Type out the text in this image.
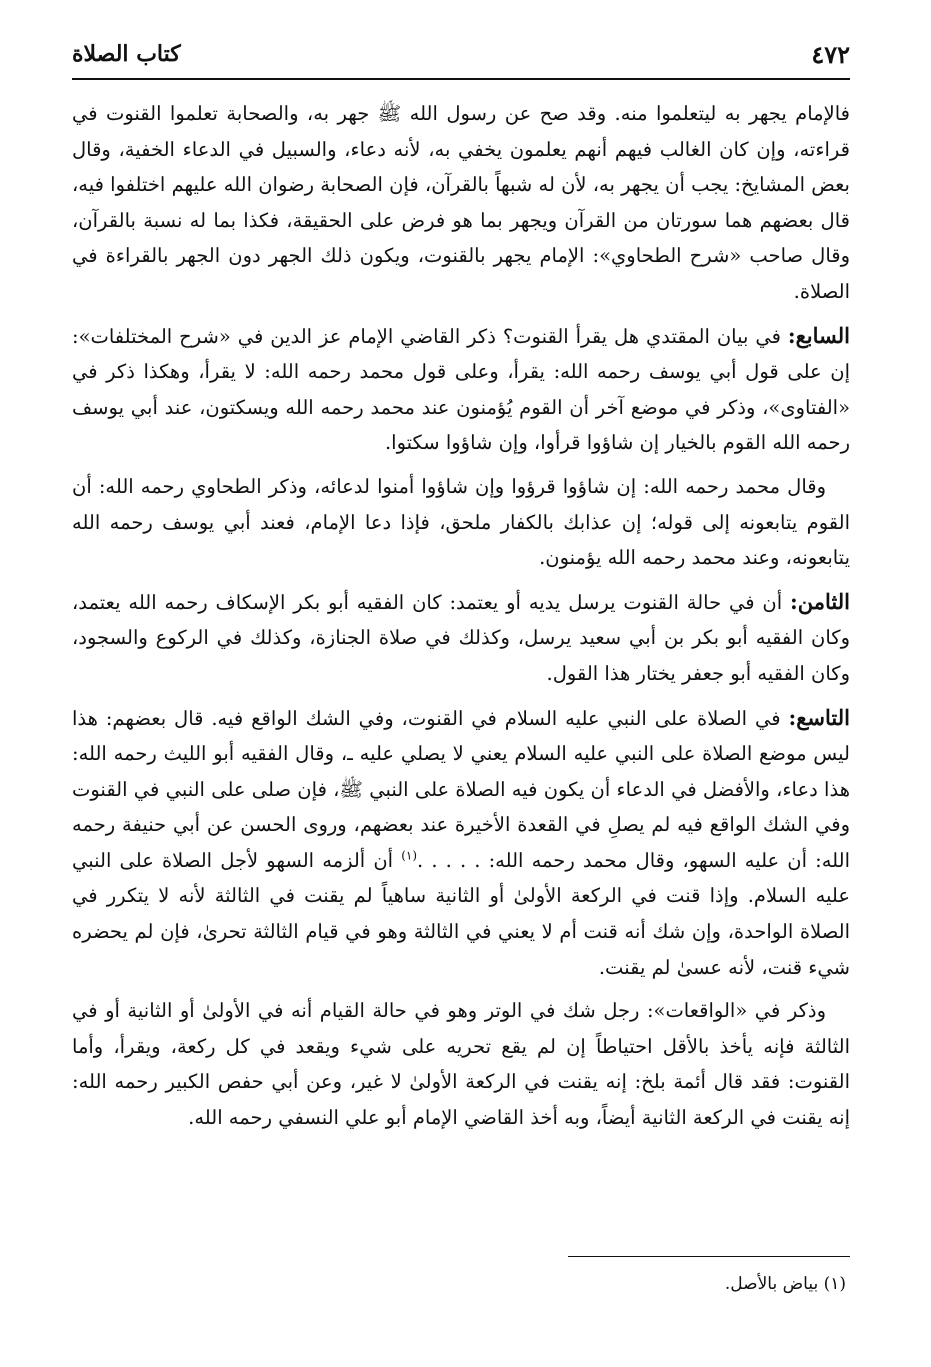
٤٧٢
كتاب الصلاة

فالإمام يجهر به ليتعلموا منه. وقد صح عن رسول الله ﷺ جهر به، والصحابة تعلموا القنوت في قراءته، وإن كان الغالب فيهم أنهم يعلمون يخفي به، لأنه دعاء، والسبيل في الدعاء الخفية، وقال بعض المشايخ: يجب أن يجهر به، لأن له شبهاً بالقرآن، فإن الصحابة رضوان الله عليهم اختلفوا فيه، قال بعضهم هما سورتان من القرآن ويجهر بما هو فرض على الحقيقة، فكذا بما له نسبة بالقرآن، وقال صاحب «شرح الطحاوي»: الإمام يجهر بالقنوت، ويكون ذلك الجهر دون الجهر بالقراءة في الصلاة.

السابع: في بيان المقتدي هل يقرأ القنوت؟ ذكر القاضي الإمام عز الدين في «شرح المختلفات»: إن على قول أبي يوسف رحمه الله: يقرأ، وعلى قول محمد رحمه الله: لا يقرأ، وهكذا ذكر في «الفتاوى»، وذكر في موضع آخر أن القوم يُؤمنون عند محمد رحمه الله ويسكتون، عند أبي يوسف رحمه الله القوم بالخيار إن شاؤوا قرأوا، وإن شاؤوا سكتوا.

وقال محمد رحمه الله: إن شاؤوا قرؤوا وإن شاؤوا أمنوا لدعائه، وذكر الطحاوي رحمه الله: أن القوم يتابعونه إلى قوله؛ إن عذابك بالكفار ملحق، فإذا دعا الإمام، فعند أبي يوسف رحمه الله يتابعونه، وعند محمد رحمه الله يؤمنون.

الثامن: أن في حالة القنوت يرسل يديه أو يعتمد: كان الفقيه أبو بكر الإسكاف رحمه الله يعتمد، وكان الفقيه أبو بكر بن أبي سعيد يرسل، وكذلك في صلاة الجنازة، وكذلك في الركوع والسجود، وكان الفقيه أبو جعفر يختار هذا القول.

التاسع: في الصلاة على النبي عليه السلام في القنوت، وفي الشك الواقع فيه. قال بعضهم: هذا ليس موضع الصلاة على النبي عليه السلام يعني لا يصلي عليه ـ، وقال الفقيه أبو الليث رحمه الله: هذا دعاء، والأفضل في الدعاء أن يكون فيه الصلاة على النبي ﷺ، فإن صلى على النبي في القنوت وفي الشك الواقع فيه لم يصلِ في القعدة الأخيرة عند بعضهم، وروى الحسن عن أبي حنيفة رحمه الله: أن عليه السهو، وقال محمد رحمه الله: . . . . .$^{(١)}$ أن ألزمه السهو لأجل الصلاة على النبي عليه السلام. وإذا قنت في الركعة الأولىٰ أو الثانية ساهياً لم يقنت في الثالثة لأنه لا يتكرر في الصلاة الواحدة، وإن شك أنه قنت أم لا يعني في الثالثة وهو في قيام الثالثة تحرىٰ، فإن لم يحضره شيء قنت، لأنه عسىٰ لم يقنت.

وذكر في «الواقعات»: رجل شك في الوتر وهو في حالة القيام أنه في الأولىٰ أو الثانية أو في الثالثة فإنه يأخذ بالأقل احتياطاً إن لم يقع تحريه على شيء ويقعد في كل ركعة، ويقرأ، وأما القنوت: فقد قال أئمة بلخ: إنه يقنت في الركعة الأولىٰ لا غير، وعن أبي حفص الكبير رحمه الله: إنه يقنت في الركعة الثانية أيضاً، وبه أخذ القاضي الإمام أبو علي النسفي رحمه الله.

(١) بياض بالأصل.
